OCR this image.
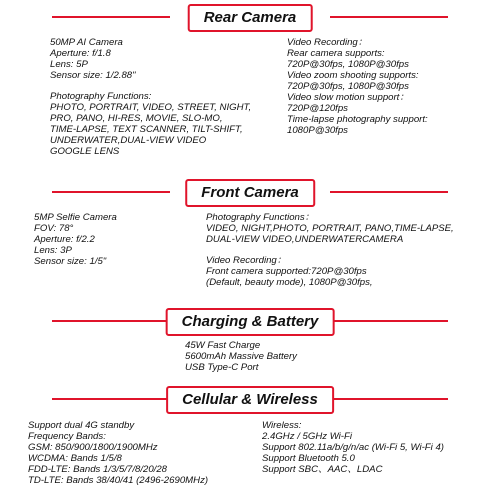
Rear Camera
50MP AI Camera
Aperture: f/1.8
Lens: 5P
Sensor size: 1/2.88"
Photography Functions:
PHOTO, PORTRAIT, VIDEO, STREET, NIGHT,
PRO, PANO, HI-RES, MOVIE, SLO-MO,
TIME-LAPSE, TEXT SCANNER, TILT-SHIFT,
UNDERWATER,DUAL-VIEW VIDEO
GOOGLE LENS
Video Recording：
Rear camera supports:
720P@30fps, 1080P@30fps
Video zoom shooting supports:
720P@30fps, 1080P@30fps
Video slow motion support：
720P@120fps
Time-lapse photography support:
1080P@30fps
Front Camera
5MP Selfie Camera
FOV: 78°
Aperture: f/2.2
Lens: 3P
Sensor size: 1/5"
Photography Functions：
VIDEO, NIGHT,PHOTO, PORTRAIT, PANO,TIME-LAPSE,
DUAL-VIEW VIDEO,UNDERWATERCAMERA
Video Recording：
Front camera supported:720P@30fps
(Default, beauty mode), 1080P@30fps,
Charging & Battery
45W Fast Charge
5600mAh Massive Battery
USB Type-C Port
Cellular & Wireless
Support dual 4G standby
Frequency Bands:
GSM: 850/900/1800/1900MHz
WCDMA: Bands 1/5/8
FDD-LTE: Bands 1/3/5/7/8/20/28
TD-LTE: Bands 38/40/41 (2496-2690MHz)
Wireless:
2.4GHz / 5GHz Wi-Fi
Support 802.11a/b/g/n/ac (Wi-Fi 5, Wi-Fi 4)
Support Bluetooth 5.0
Support SBC、AAC、LDAC
